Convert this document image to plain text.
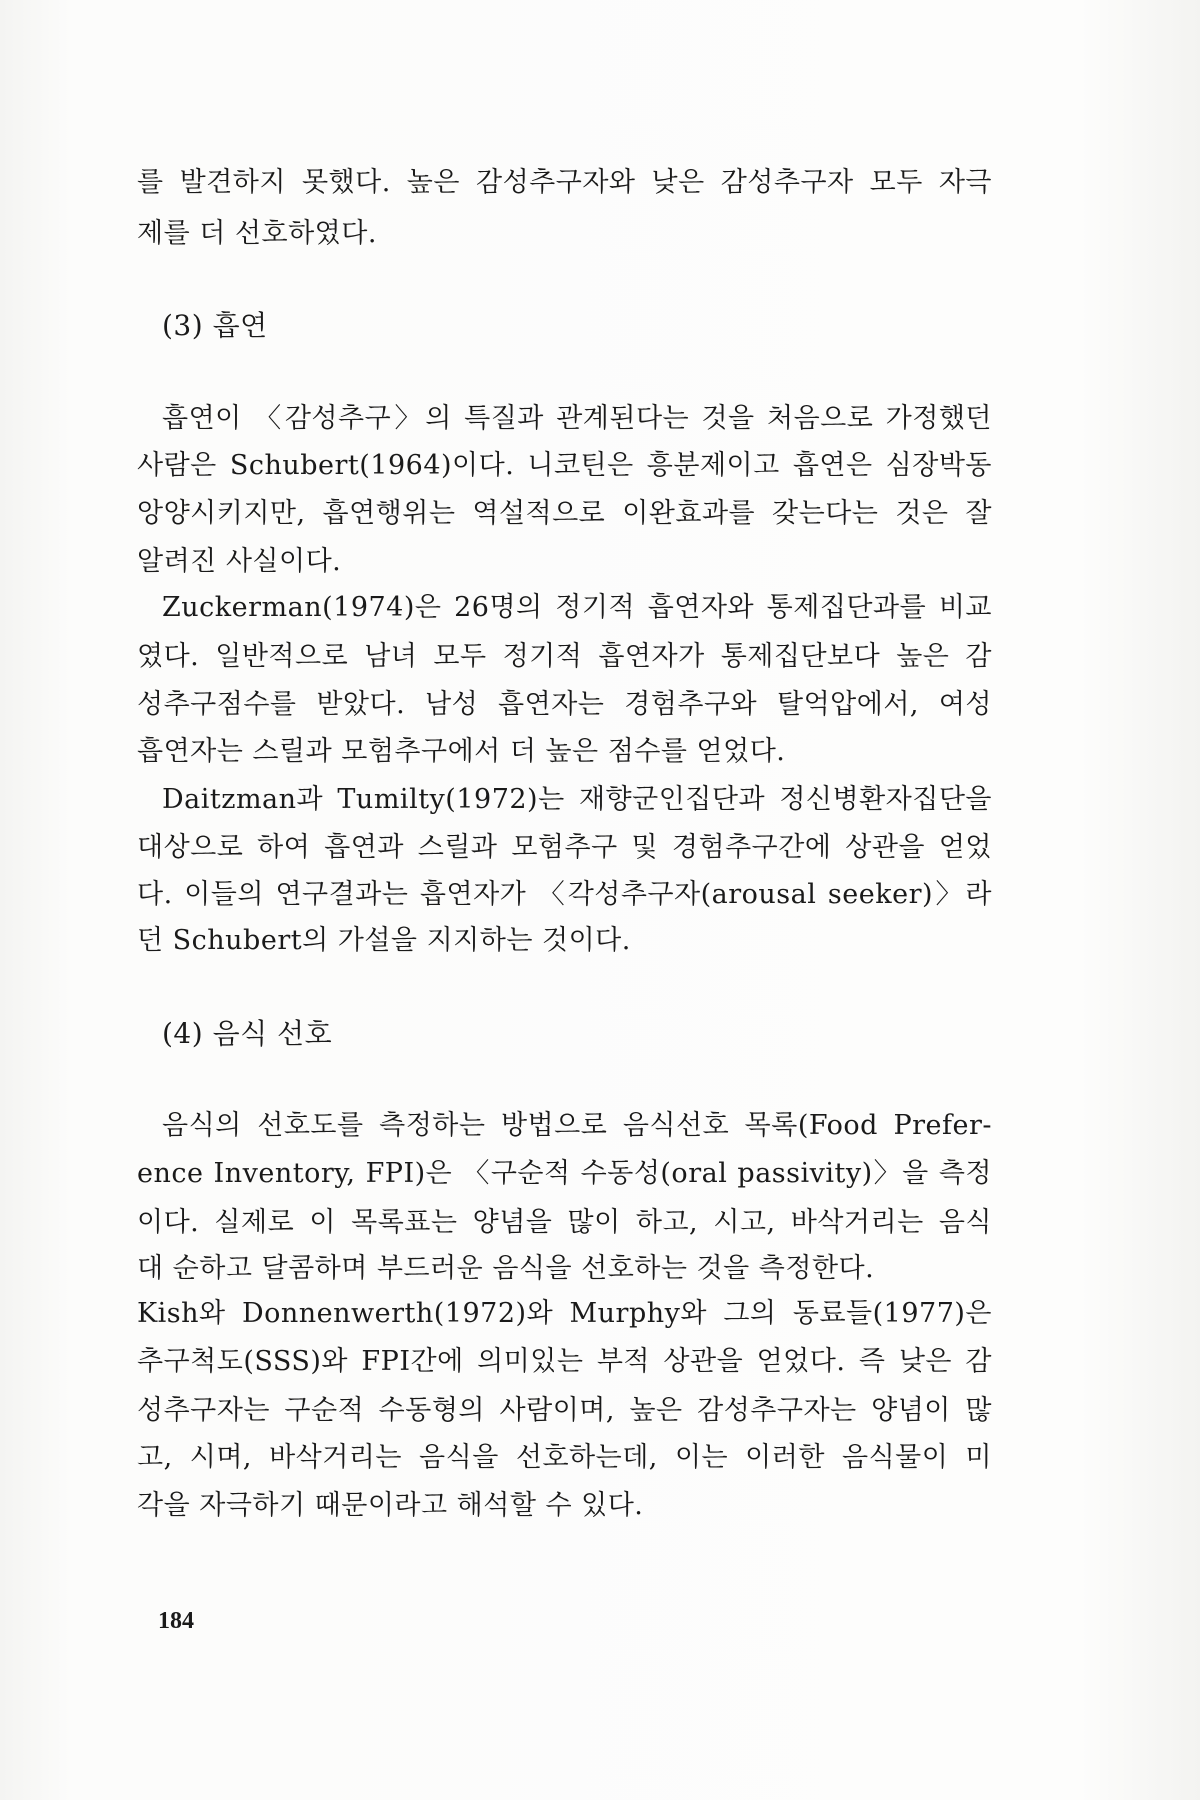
를 발견하지 못했다. 높은 감성추구자와 낮은 감성추구자 모두 자극
제를 더 선호하였다.
(3) 흡연
흡연이 〈감성추구〉의 특질과 관계된다는 것을 처음으로 가정했던
사람은 Schubert(1964)이다. 니코틴은 흥분제이고 흡연은 심장박동
앙양시키지만, 흡연행위는 역설적으로 이완효과를 갖는다는 것은 잘
알려진 사실이다.
Zuckerman(1974)은 26명의 정기적 흡연자와 통제집단과를 비교
였다. 일반적으로 남녀 모두 정기적 흡연자가 통제집단보다 높은 감
성추구점수를 받았다. 남성 흡연자는 경험추구와 탈억압에서, 여성
흡연자는 스릴과 모험추구에서 더 높은 점수를 얻었다.
Daitzman과 Tumilty(1972)는 재향군인집단과 정신병환자집단을
대상으로 하여 흡연과 스릴과 모험추구 및 경험추구간에 상관을 얻었
다. 이들의 연구결과는 흡연자가 〈각성추구자(arousal seeker)〉라
던 Schubert의 가설을 지지하는 것이다.
(4) 음식 선호
음식의 선호도를 측정하는 방법으로 음식선호 목록(Food Prefer-
ence Inventory, FPI)은 〈구순적 수동성(oral passivity)〉을 측정
이다. 실제로 이 목록표는 양념을 많이 하고, 시고, 바삭거리는 음식
대 순하고 달콤하며 부드러운 음식을 선호하는 것을 측정한다.
Kish와 Donnenwerth(1972)와 Murphy와 그의 동료들(1977)은
추구척도(SSS)와 FPI간에 의미있는 부적 상관을 얻었다. 즉 낮은 감
성추구자는 구순적 수동형의 사람이며, 높은 감성추구자는 양념이 많
고, 시며, 바삭거리는 음식을 선호하는데, 이는 이러한 음식물이 미
각을 자극하기 때문이라고 해석할 수 있다.
184
